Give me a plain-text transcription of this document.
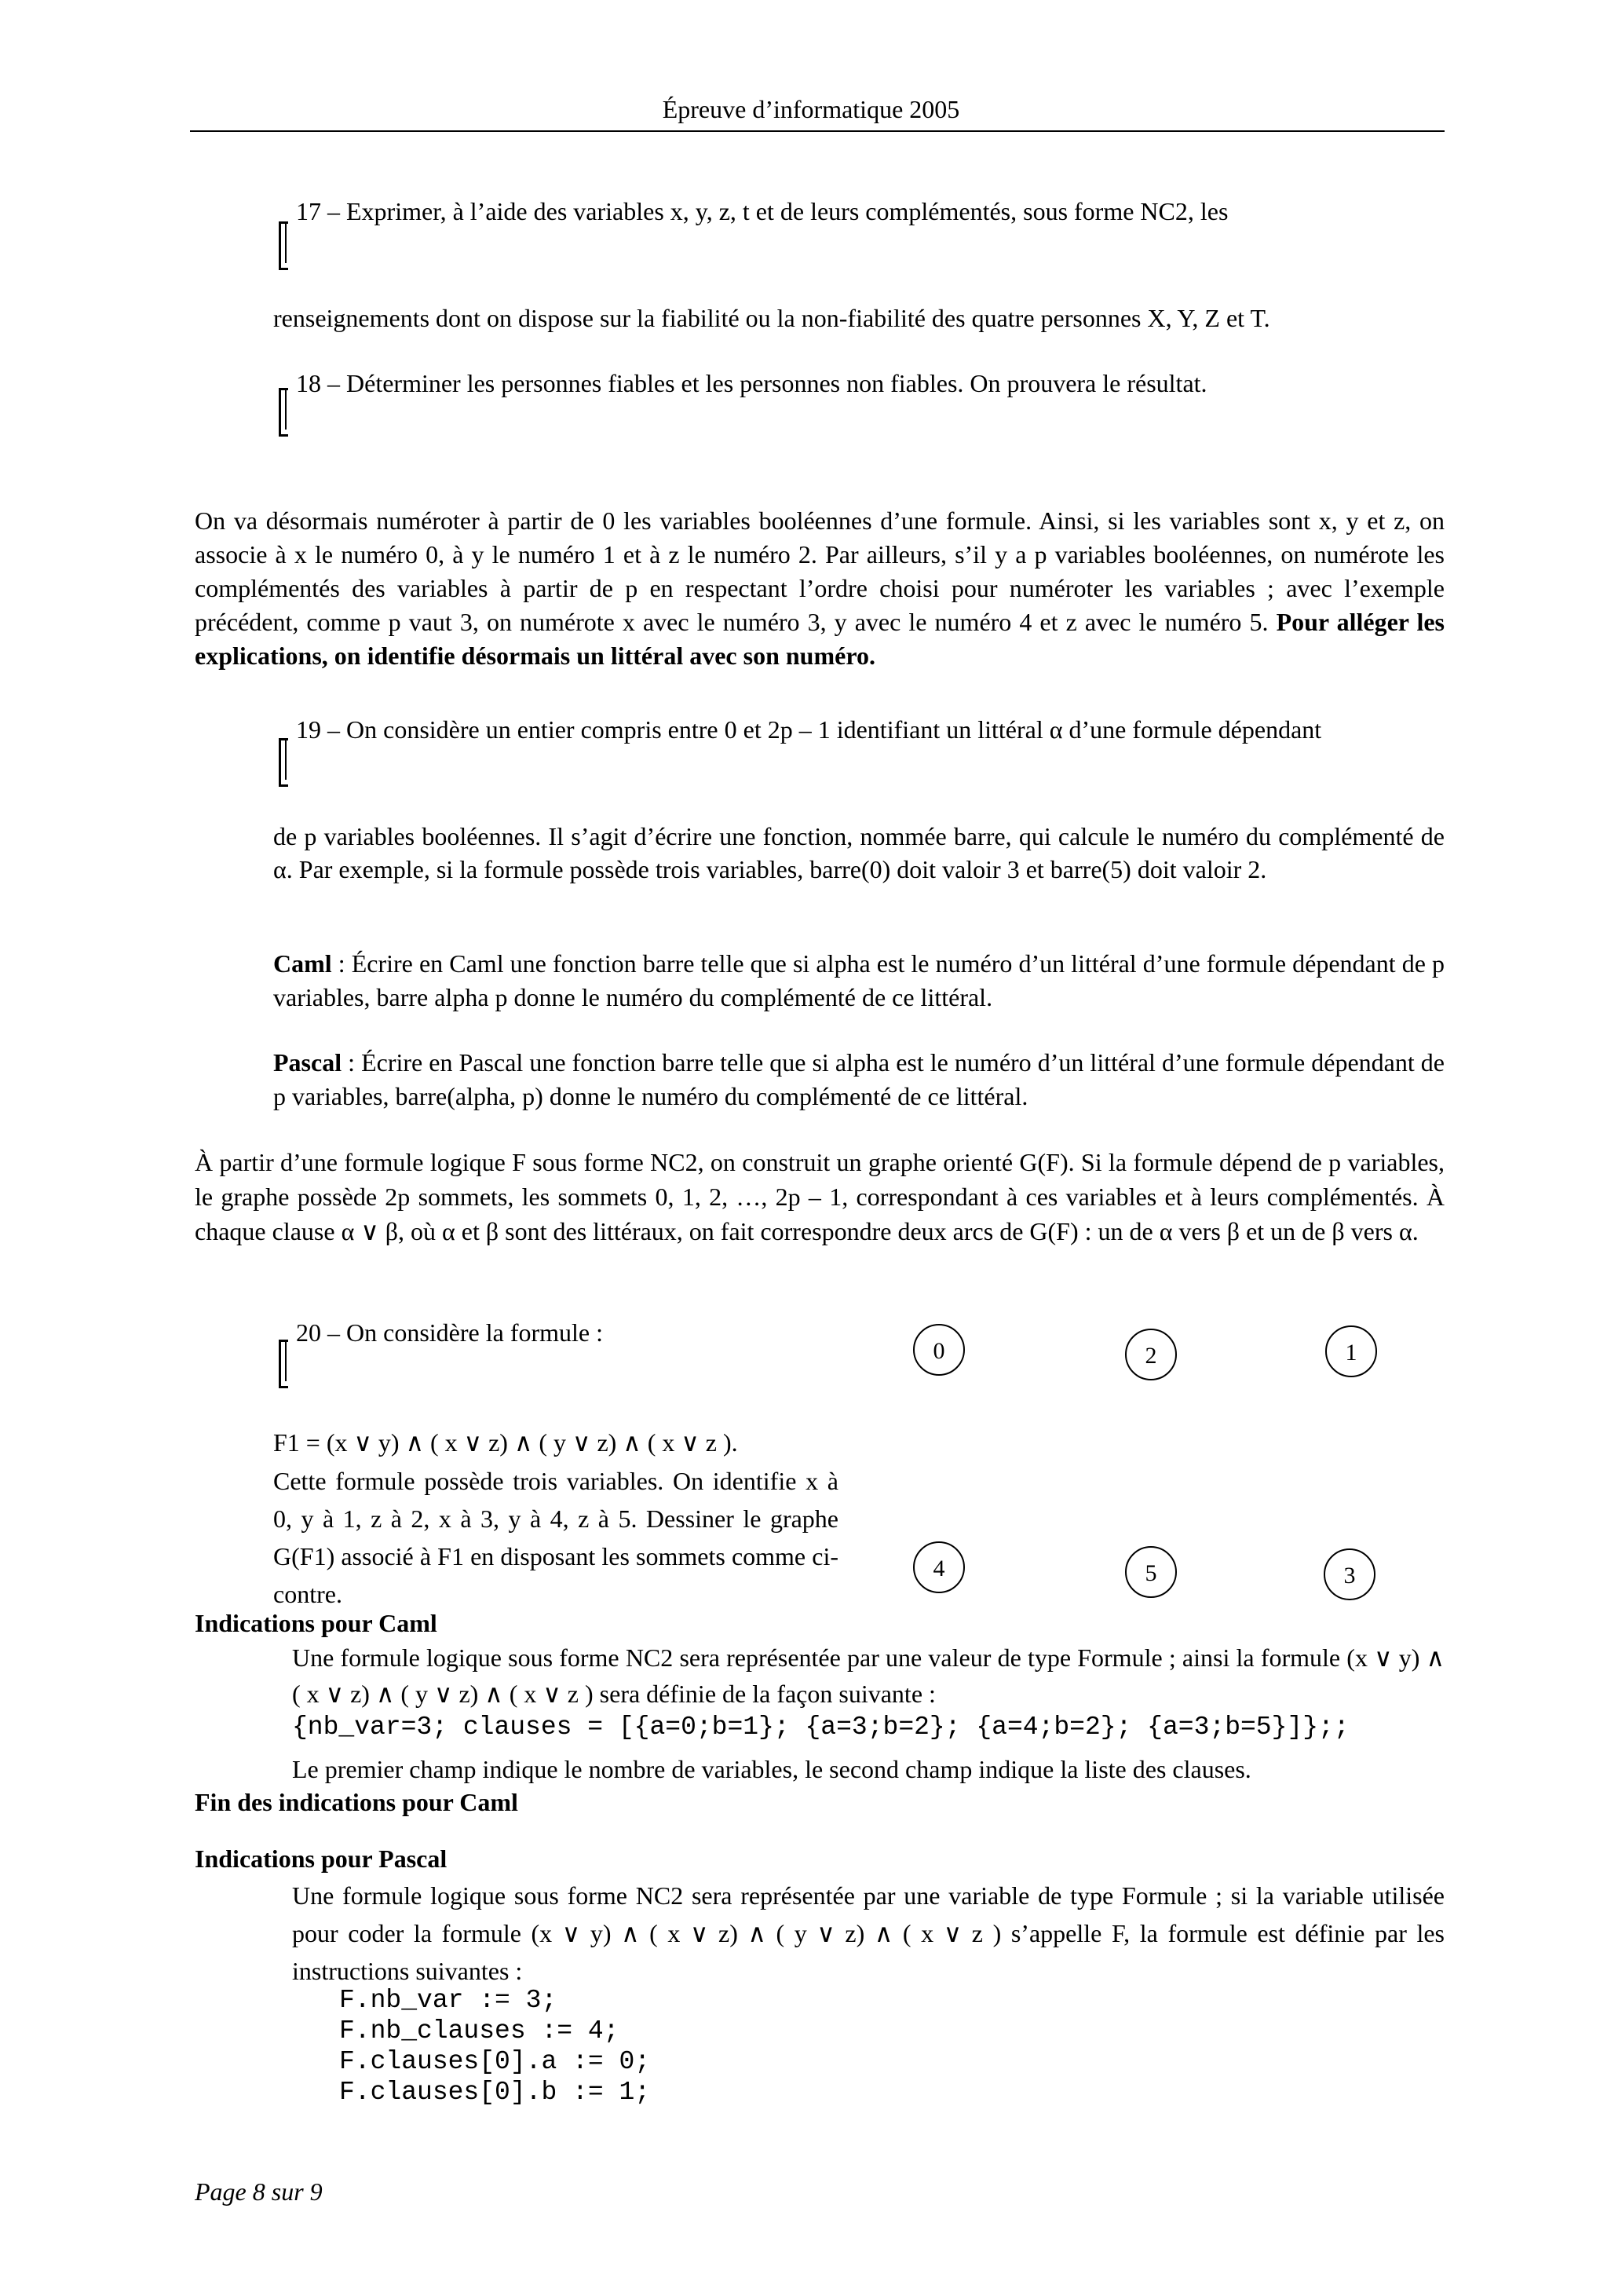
Épreuve d’informatique 2005
17 – Exprimer, à l’aide des variables x, y, z, t et de leurs complémentés, sous forme NC2, les
renseignements dont on dispose sur la fiabilité ou la non-fiabilité des quatre personnes X, Y, Z et T.
18 – Déterminer les personnes fiables et les personnes non fiables. On prouvera le résultat.
On va désormais numéroter à partir de 0 les variables booléennes d’une formule. Ainsi, si les variables sont x, y et z, on associe à x le numéro 0, à y le numéro 1 et à z le numéro 2. Par ailleurs, s’il y a p variables booléennes, on numérote les complémentés des variables à partir de p en respectant l’ordre choisi pour numéroter les variables ; avec l’exemple précédent, comme p vaut 3, on numérote x avec le numéro 3, y avec le numéro 4 et z avec le numéro 5. Pour alléger les explications, on identifie désormais un littéral avec son numéro.
19 – On considère un entier compris entre 0 et 2p – 1 identifiant un littéral α d’une formule dépendant
de p variables booléennes. Il s’agit d’écrire une fonction, nommée barre, qui calcule le numéro du complémenté de α. Par exemple, si la formule possède trois variables, barre(0) doit valoir 3 et barre(5) doit valoir 2.
Caml : Écrire en Caml une fonction barre telle que si alpha est le numéro d’un littéral d’une formule dépendant de p variables, barre alpha p donne le numéro du complémenté de ce littéral.
Pascal : Écrire en Pascal une fonction barre telle que si alpha est le numéro d’un littéral d’une formule dépendant de p variables, barre(alpha, p) donne le numéro du complémenté de ce littéral.
À partir d’une formule logique F sous forme NC2, on construit un graphe orienté G(F). Si la formule dépend de p variables, le graphe possède 2p sommets, les sommets 0, 1, 2, …, 2p – 1, correspondant à ces variables et à leurs complémentés. À chaque clause α ∨ β, où α et β sont des littéraux, on fait correspondre deux arcs de G(F) : un de α vers β et un de β vers α.
20 – On considère la formule :
F1 = (x ∨ y) ∧ ( x ∨ z) ∧ ( y ∨ z) ∧ ( x ∨ z ).
Cette formule possède trois variables. On identifie x à 0, y à 1, z à 2, x à 3, y à 4, z à 5. Dessiner le graphe G(F1) associé à F1 en disposant les sommets comme ci-contre.
0	2	1
4	5	3
Indications pour Caml
Une formule logique sous forme NC2 sera représentée par une valeur de type Formule ; ainsi la formule (x ∨ y) ∧ ( x ∨ z) ∧ ( y ∨ z) ∧ ( x ∨ z ) sera définie de la façon suivante :
{nb_var=3; clauses = [{a=0;b=1}; {a=3;b=2}; {a=4;b=2}; {a=3;b=5}]};;
Le premier champ indique le nombre de variables, le second champ indique la liste des clauses.
Fin des indications pour Caml
Indications pour Pascal
Une formule logique sous forme NC2 sera représentée par une variable de type Formule ; si la variable utilisée pour coder la formule (x ∨ y) ∧ ( x ∨ z) ∧ ( y ∨ z) ∧ ( x ∨ z ) s’appelle F, la formule est définie par les instructions suivantes :
F.nb_var := 3;
F.nb_clauses := 4;
F.clauses[0].a := 0;
F.clauses[0].b := 1;
Page 8 sur 9
